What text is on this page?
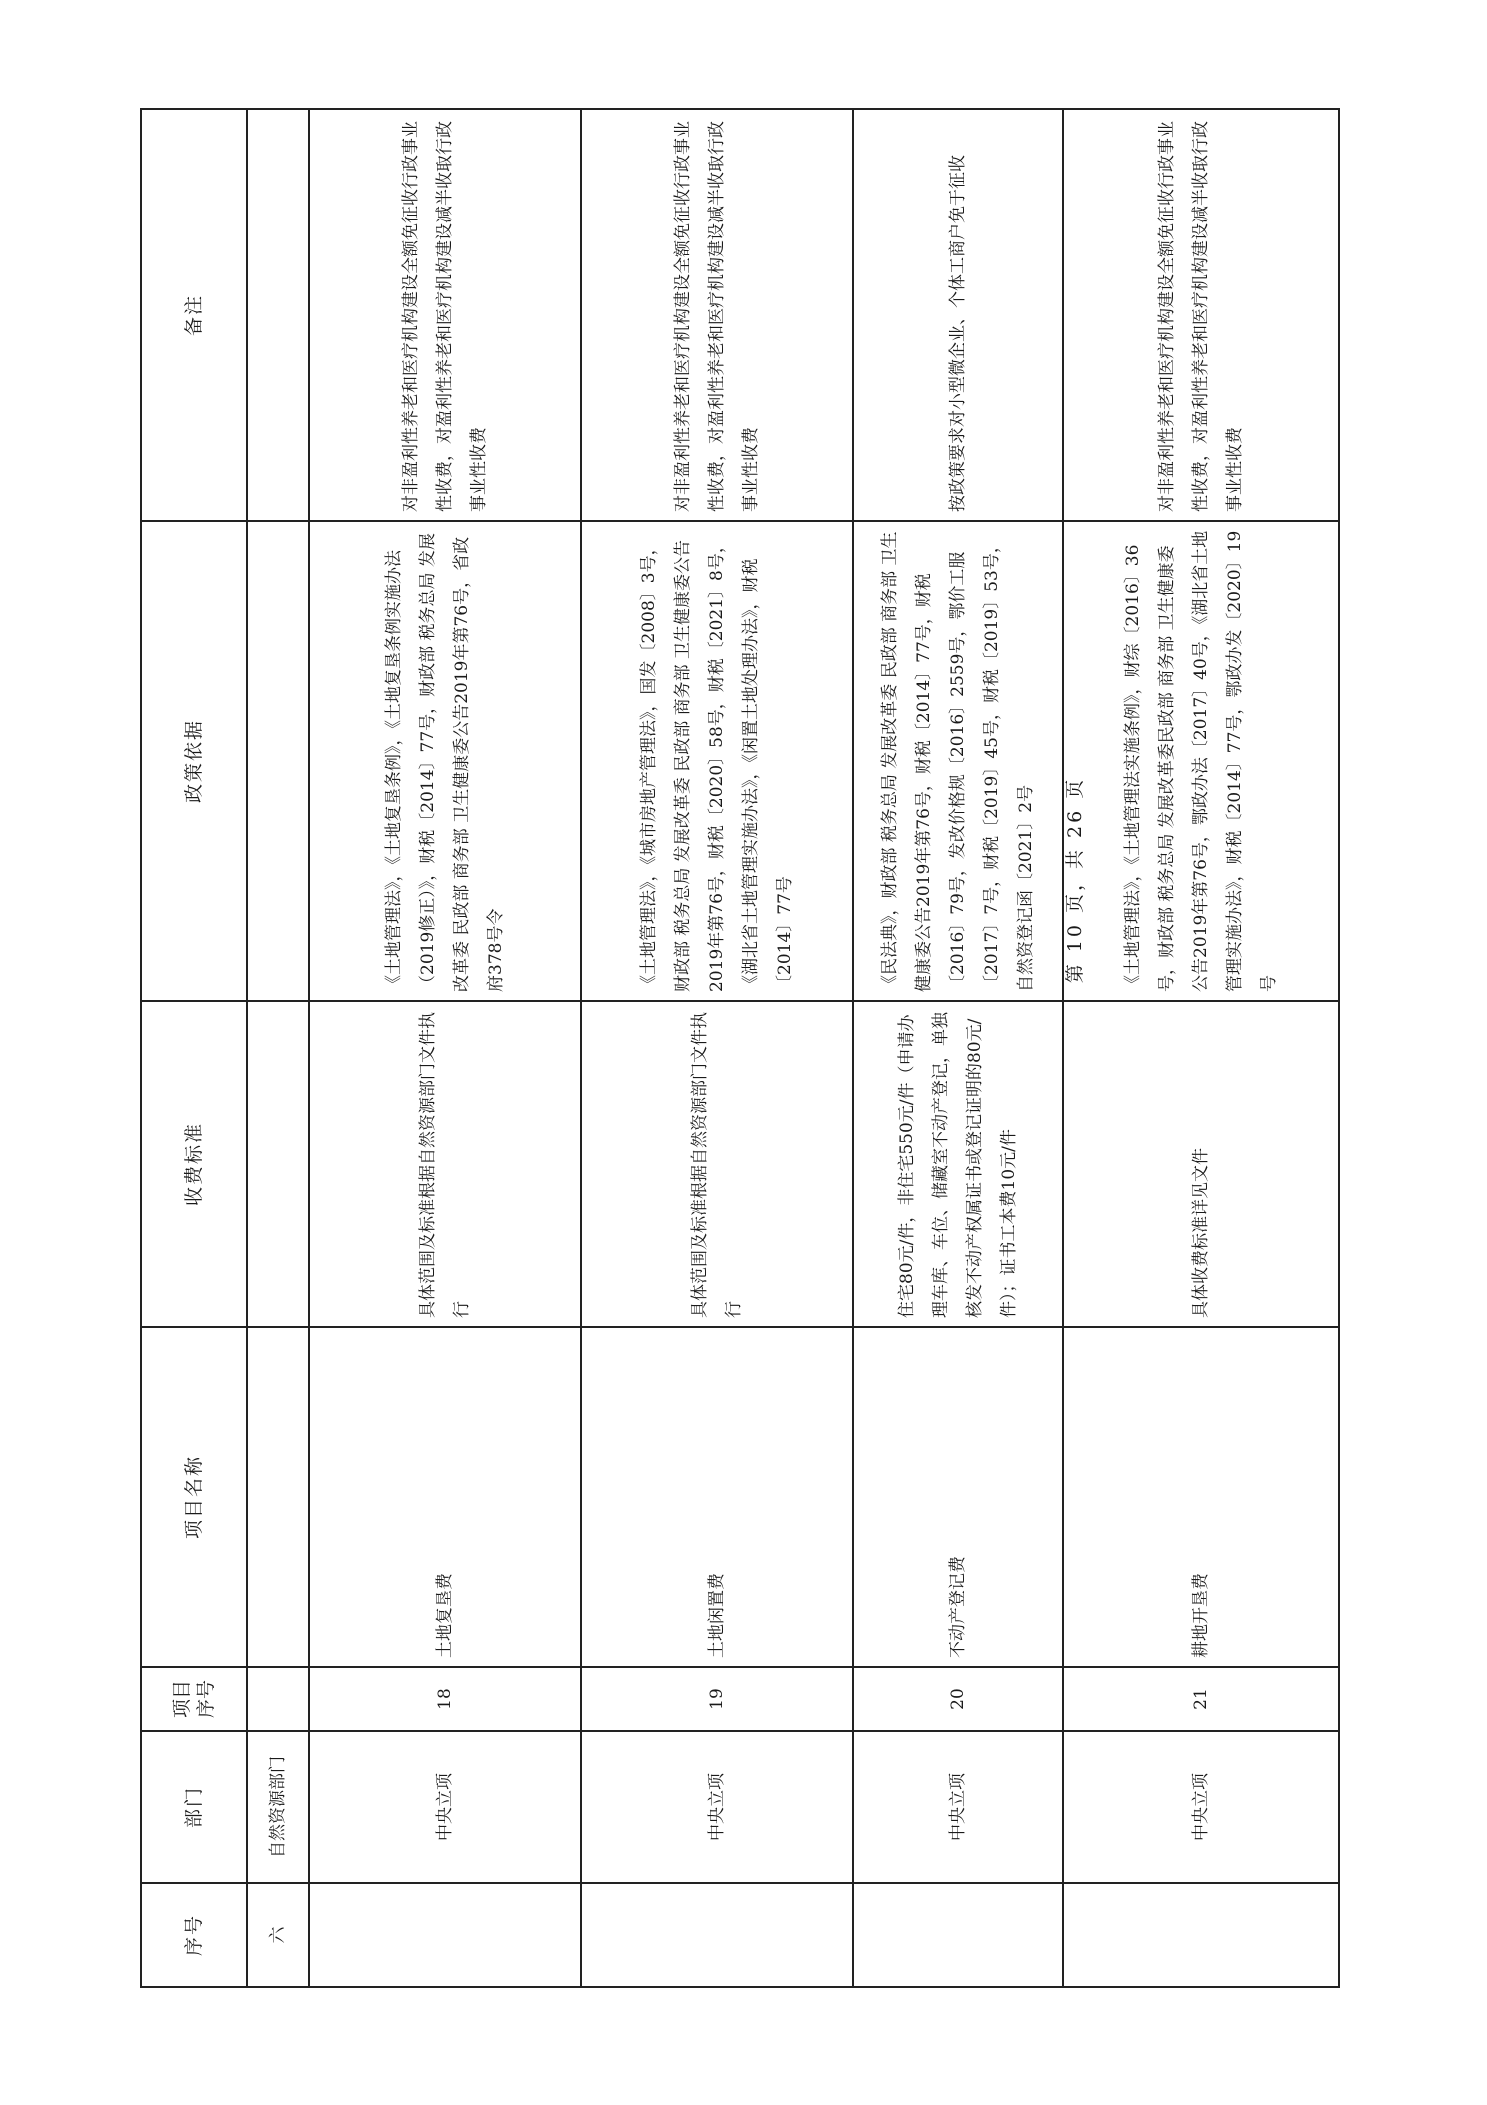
序号	部门	项目序号	项目名称	收费标准	政策依据	备注
六	自然资源部门					
	中央立项	18	土地复垦费	具体范围及标准根据自然资源部门文件执行	《土地管理法》，《土地复垦条例》，《土地复垦条例实施办法（2019修正）》，财税〔2014〕77号，财政部 税务总局 发展改革委 民政部 商务部 卫生健康委公告2019年第76号，省政府378号令	对非盈利性养老和医疗机构建设全额免征收行政事业性收费，对盈利性养老和医疗机构建设减半收取行政事业性收费
	中央立项	19	土地闲置费	具体范围及标准根据自然资源部门文件执行	《土地管理法》，《城市房地产管理法》，国发〔2008〕3号，财政部 税务总局 发展改革委 民政部 商务部 卫生健康委公告2019年第76号，财税〔2020〕58号，财税〔2021〕8号，《湖北省土地管理实施办法》，《闲置土地处理办法》，财税〔2014〕77号	对非盈利性养老和医疗机构建设全额免征收行政事业性收费，对盈利性养老和医疗机构建设减半收取行政事业性收费
	中央立项	20	不动产登记费	住宅80元/件，非住宅550元/件（申请办理车库、车位、储藏室不动产登记，单独核发不动产权属证书或登记证明的80元/件）；证书工本费10元/件	《民法典》，财政部 税务总局 发展改革委 民政部 商务部 卫生健康委公告2019年第76号，财税〔2014〕77号，财税〔2016〕79号，发改价格规〔2016〕2559号，鄂价工服〔2017〕7号，财税〔2019〕45号，财税〔2019〕53号，自然资登记函〔2021〕2号	按政策要求对小型微企业、个体工商户免于征收
	中央立项	21	耕地开垦费	具体收费标准详见文件	《土地管理法》，《土地管理法实施条例》，财综〔2016〕36号，财政部 税务总局 发展改革委民政部 商务部 卫生健康委公告2019年第76号，鄂政办法〔2017〕40号，《湖北省土地管理实施办法》，财税〔2014〕77号，鄂政办发〔2020〕19号	对非盈利性养老和医疗机构建设全额免征收行政事业性收费，对盈利性养老和医疗机构建设减半收取行政事业性收费
第 10 页，共 26 页
